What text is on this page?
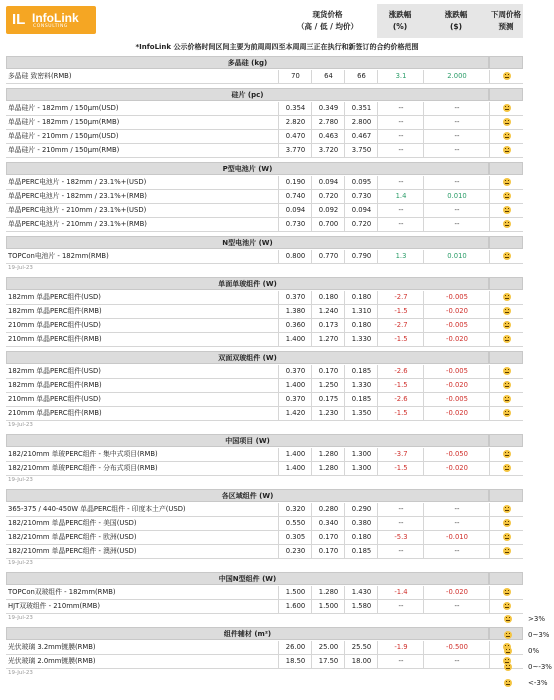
IL InfoLink
CONSULTING
现货价格
（高 / 低 / 均价）
涨跌幅
(%)
涨跌幅
($)
下周价格
预测
*InfoLink 公示价格时间区间主要为前周周四至本周周三正在执行和新签订的合约价格范围
多晶硅 (kg)
多晶硅 致密料(RMB)	70	64	66	3.1	2.000
硅片 (pc)
单晶硅片 - 182mm / 150μm(USD)	0.354	0.349	0.351	--	--
单晶硅片 - 182mm / 150μm(RMB)	2.820	2.780	2.800	--	--
单晶硅片 - 210mm / 150μm(USD)	0.470	0.463	0.467	--	--
单晶硅片 - 210mm / 150μm(RMB)	3.770	3.720	3.750	--	--
P型电池片 (W)
单晶PERC电池片 - 182mm / 23.1%+(USD)	0.190	0.094	0.095	--	--
单晶PERC电池片 - 182mm / 23.1%+(RMB)	0.740	0.720	0.730	1.4	0.010
单晶PERC电池片 - 210mm / 23.1%+(USD)	0.094	0.092	0.094	--	--
单晶PERC电池片 - 210mm / 23.1%+(RMB)	0.730	0.700	0.720	--	--
N型电池片 (W)
TOPCon电池片 - 182mm(RMB)	0.800	0.770	0.790	1.3	0.010
19-Jul-23
单面单玻组件 (W)
182mm 单晶PERC组件(USD)	0.370	0.180	0.180	-2.7	-0.005
182mm 单晶PERC组件(RMB)	1.380	1.240	1.310	-1.5	-0.020
210mm 单晶PERC组件(USD)	0.360	0.173	0.180	-2.7	-0.005
210mm 单晶PERC组件(RMB)	1.400	1.270	1.330	-1.5	-0.020
双面双玻组件 (W)
182mm 单晶PERC组件(USD)	0.370	0.170	0.185	-2.6	-0.005
182mm 单晶PERC组件(RMB)	1.400	1.250	1.330	-1.5	-0.020
210mm 单晶PERC组件(USD)	0.370	0.175	0.185	-2.6	-0.005
210mm 单晶PERC组件(RMB)	1.420	1.230	1.350	-1.5	-0.020
19-Jul-23
中国项目 (W)
182/210mm 单玻PERC组件 - 集中式项目(RMB)	1.400	1.280	1.300	-3.7	-0.050
182/210mm 单玻PERC组件 - 分布式项目(RMB)	1.400	1.280	1.300	-1.5	-0.020
19-Jul-23
各区域组件 (W)
365-375 / 440-450W 单晶PERC组件 - 印度本土产(USD)	0.320	0.280	0.290	--	--
182/210mm 单晶PERC组件 - 美国(USD)	0.550	0.340	0.380	--	--
182/210mm 单晶PERC组件 - 欧洲(USD)	0.305	0.170	0.180	-5.3	-0.010
182/210mm 单晶PERC组件 - 澳洲(USD)	0.230	0.170	0.185	--	--
19-Jul-23
中国N型组件 (W)
TOPCon双玻组件 - 182mm(RMB)	1.500	1.280	1.430	-1.4	-0.020
HJT双玻组件 - 210mm(RMB)	1.600	1.500	1.580	--	--
19-Jul-23
组件辅材 (m²)
光伏玻璃 3.2mm镀膜(RMB)	26.00	25.00	25.50	-1.9	-0.500
光伏玻璃 2.0mm镀膜(RMB)	18.50	17.50	18.00	--	--
19-Jul-23
>3%
0~3%
0%
0~-3%
<-3%
